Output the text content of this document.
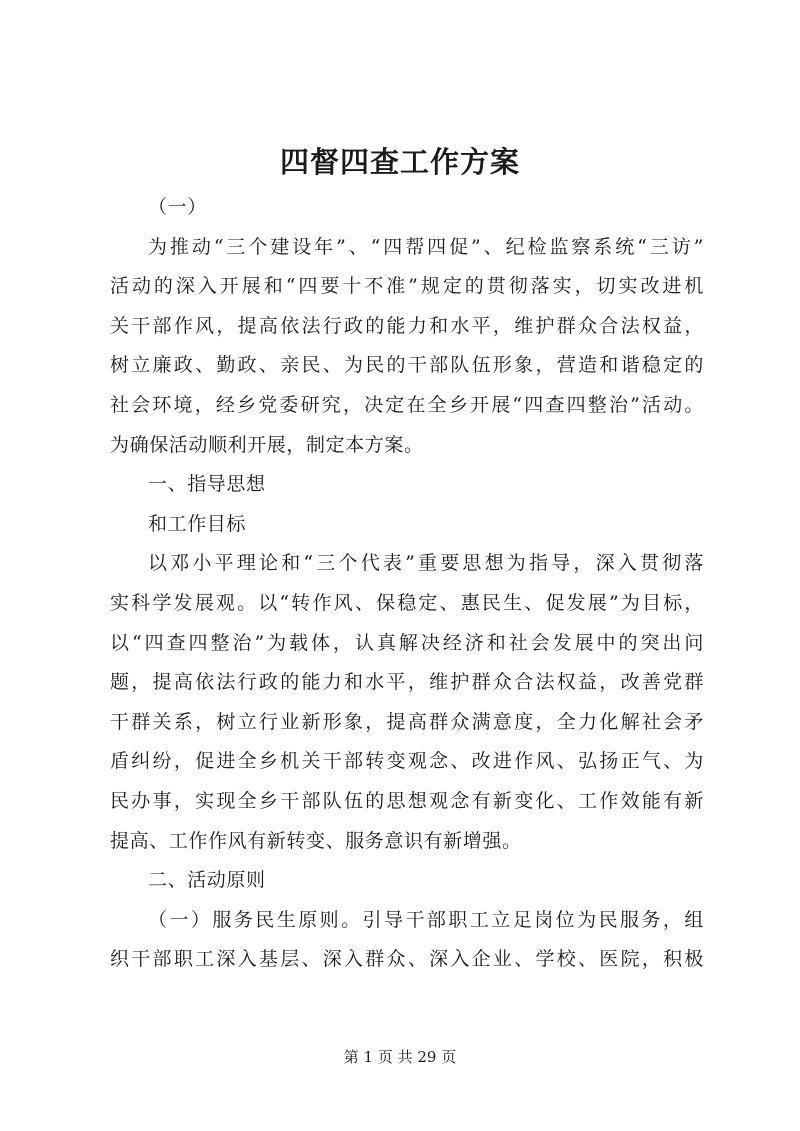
四督四查工作方案
（一）
为推动“三个建设年”、“四帮四促”、纪检监察系统“三访”
活动的深入开展和“四要十不准”规定的贯彻落实，切实改进机
关干部作风，提高依法行政的能力和水平，维护群众合法权益，
树立廉政、勤政、亲民、为民的干部队伍形象，营造和谐稳定的
社会环境，经乡党委研究，决定在全乡开展“四查四整治”活动。
为确保活动顺利开展，制定本方案。
一、指导思想
和工作目标
以邓小平理论和“三个代表”重要思想为指导，深入贯彻落
实科学发展观。以“转作风、保稳定、惠民生、促发展”为目标，
以“四查四整治”为载体，认真解决经济和社会发展中的突出问
题，提高依法行政的能力和水平，维护群众合法权益，改善党群
干群关系，树立行业新形象，提高群众满意度，全力化解社会矛
盾纠纷，促进全乡机关干部转变观念、改进作风、弘扬正气、为
民办事，实现全乡干部队伍的思想观念有新变化、工作效能有新
提高、工作作风有新转变、服务意识有新增强。
二、活动原则
（一）服务民生原则。引导干部职工立足岗位为民服务，组
织干部职工深入基层、深入群众、深入企业、学校、医院，积极
第 1 页 共 29 页
